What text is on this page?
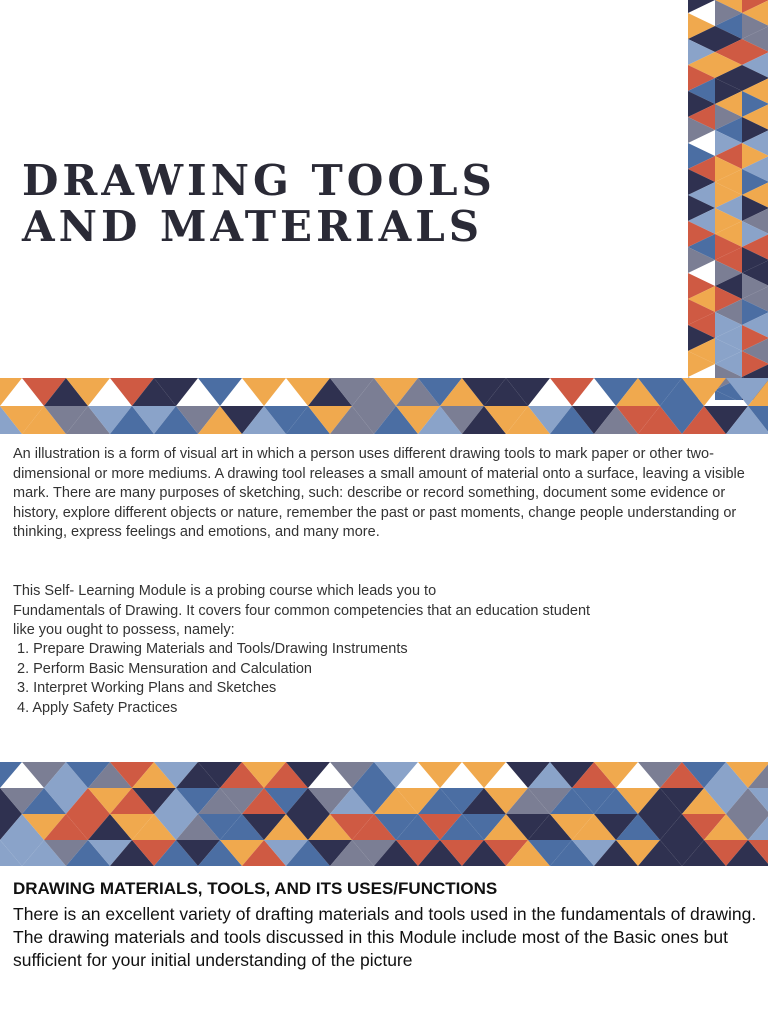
DRAWING TOOLS
AND MATERIALS

An illustration is a form of visual art in which a person uses different drawing tools to mark paper or other two-dimensional or more mediums. A drawing tool releases a small amount of material onto a surface, leaving a visible mark. There are many purposes of sketching, such: describe or record something, document some evidence or history, explore different objects or nature, remember the past or past moments, change people understanding or thinking, express feelings and emotions, and many more.

This Self- Learning Module is a probing course which leads you to
Fundamentals of Drawing. It covers four common competencies that an education student
like you ought to possess, namely:

1. Prepare Drawing Materials and Tools/Drawing Instruments
2. Perform Basic Mensuration and Calculation
3. Interpret Working Plans and Sketches
4. Apply Safety Practices
DRAWING MATERIALS, TOOLS, AND ITS USES/FUNCTIONS

There is an excellent variety of drafting materials and tools used in the fundamentals of drawing. The drawing materials and tools discussed in this Module include most of the Basic ones but sufficient for your initial understanding of the picture
